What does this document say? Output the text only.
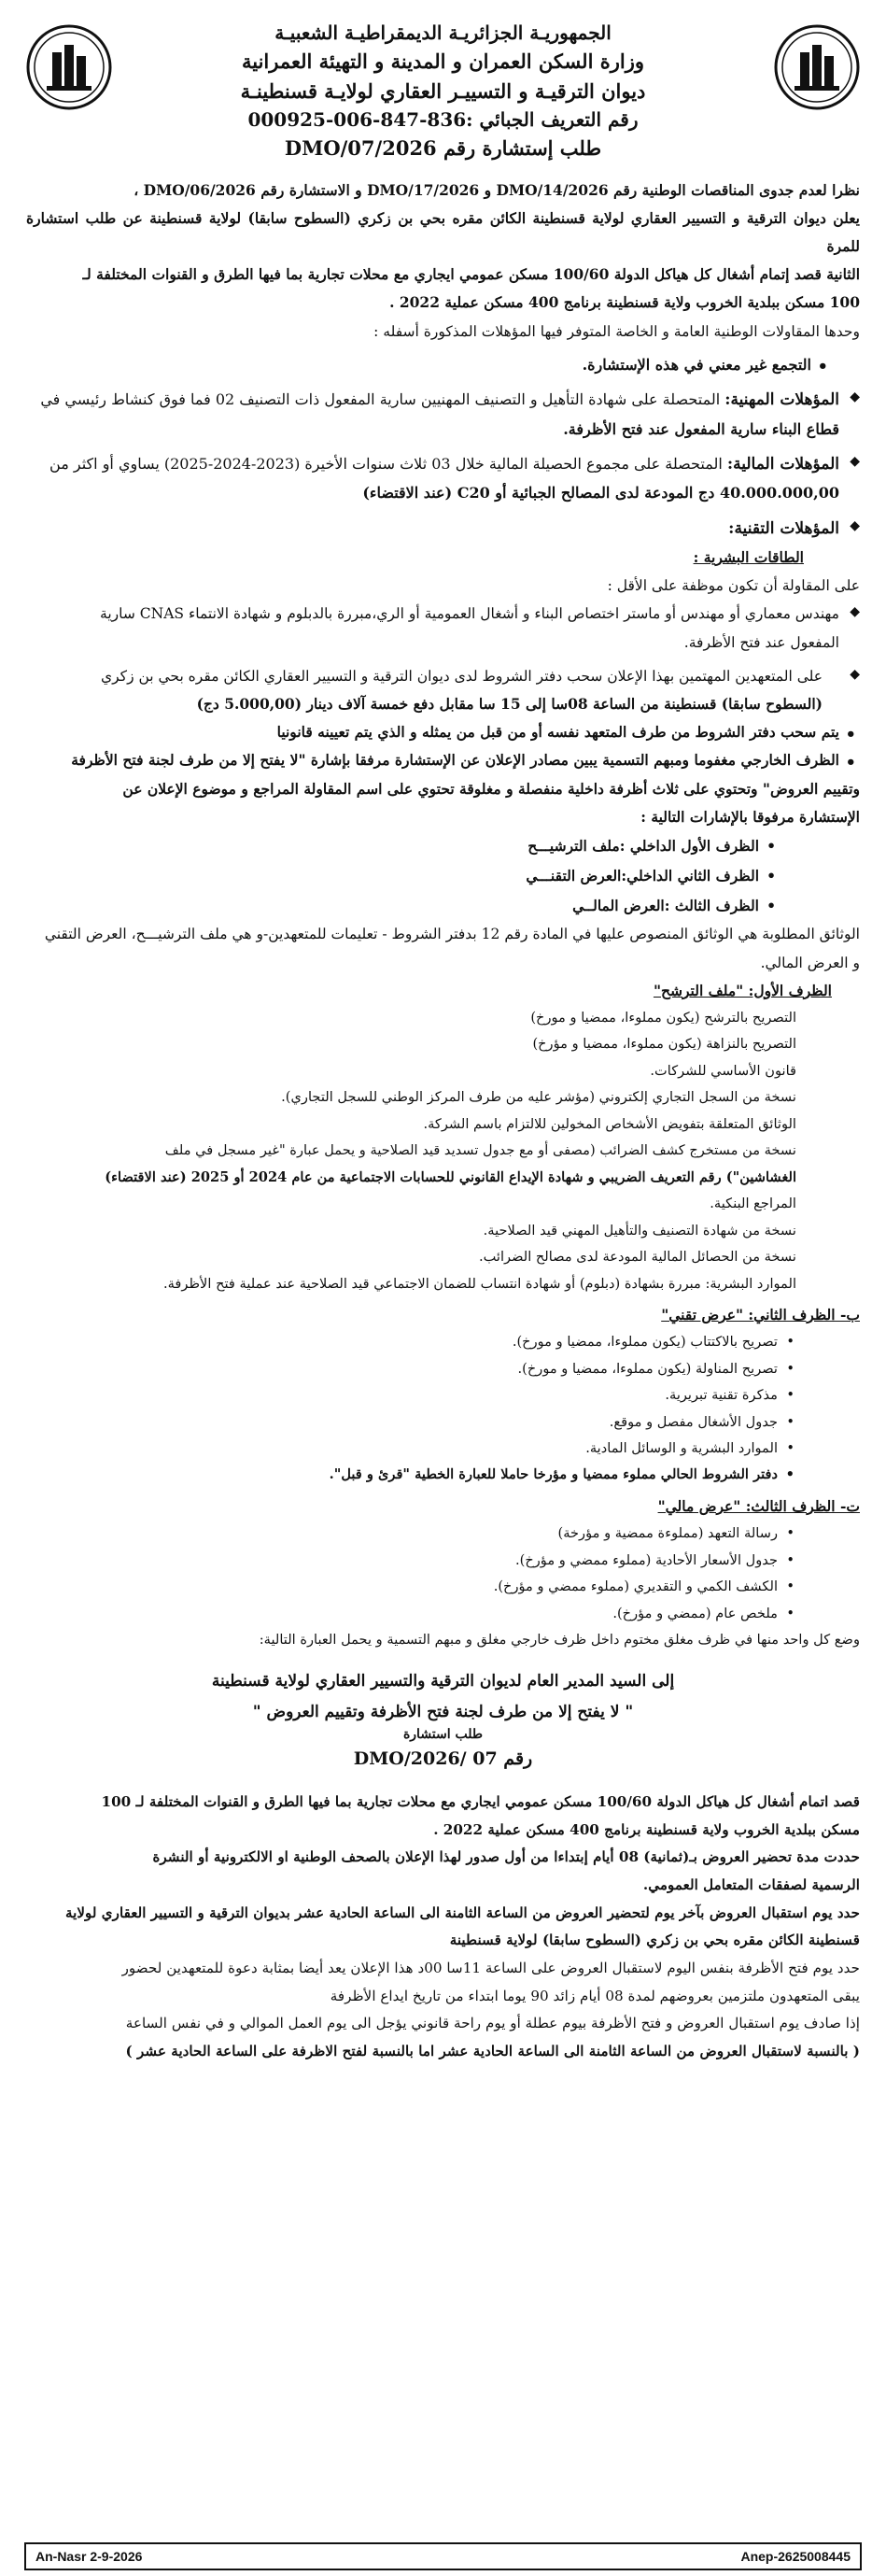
الجمهوريـة الجزائريـة الديمقراطيـة الشعبيـة
وزارة السكن العمران و المدينة و التهيئة العمرانية
ديوان الترقيـة و التسييـر العقاري لولايـة قسنطينـة
رقم التعريف الجبائي :836-847-006-000925
طلب إستشارة رقم 2026/DMO/07

نظرا لعدم جدوى المناقصات الوطنية رقم 2026/DMO/14 و 2026/DMO/17 و الاستشارة رقم 2026/DMO/06 ،

يعلن ديوان الترقية و التسيير العقاري لولاية قسنطينة الكائن مقره بحي بن زكري (السطوح سابقا) لولاية قسنطينة عن طلب استشارة للمرة

الثانية قصد إتمام أشغال كل هياكل الدولة 100/60 مسكن عمومي ايجاري مع محلات تجارية بما فيها الطرق و القنوات المختلفة لـ

100 مسكن ببلدية الخروب ولاية قسنطينة برنامج 400 مسكن عملية 2022 .

وحدها المقاولات الوطنية العامة و الخاصة المتوفر فيها المؤهلات المذكورة أسفله :

• التجمع غير معني في هذه الإستشارة.
◆ المؤهلات المهنية: المتحصلة على شهادة التأهيل و التصنيف المهنيين سارية المفعول ذات التصنيف 02 فما فوق كنشاط رئيسي في

قطاع البناء سارية المفعول عند فتح الأظرفة.

◆ المؤهلات المالية: المتحصلة على مجموع الحصيلة المالية خلال 03 ثلاث سنوات الأخيرة (2023-2024-2025) يساوي أو اكثر من

40.000.000,00 دج المودعة لدى المصالح الجبائية أو C20 (عند الاقتضاء)

◆ المؤهلات التقنية:

الطاقات البشرية :

على المقاولة أن تكون موظفة على الأقل :

◆ مهندس معماري أو مهندس أو ماستر اختصاص البناء و أشغال العمومية أو الري،مبررة بالدبلوم و شهادة الانتماء CNAS سارية

المفعول عند فتح الأظرفة.

◆ على المتعهدين المهتمين بهذا الإعلان سحب دفتر الشروط لدى ديوان الترقية و التسيير العقاري الكائن مقره بحي بن زكري

(السطوح سابقا) قسنطينة من الساعة 08سا إلى 15 سا مقابل دفع خمسة آلاف دينار (5.000,00 دج)

• يتم سحب دفتر الشروط من طرف المتعهد نفسه أو من قبل من يمثله و الذي يتم تعيينه قانونيا

• الظرف الخارجي مغفوما ومبهم التسمية يبين مصادر الإعلان عن الإستشارة مرفقا بإشارة "لا يفتح إلا من طرف لجنة فتح الأظرفة

وتقييم العروض" وتحتوي على ثلاث أظرفة داخلية منفصلة و مغلوقة تحتوي على اسم المقاولة المراجع و موضوع الإعلان عن

الإستشارة مرفوقا بالإشارات التالية :

• الظرف الأول الداخلي :ملف الترشيـــح
• الظرف الثاني الداخلي:العرض التقنـــي
• الظرف الثالث :العرض المالــي

الوثائق المطلوبة هي الوثائق المنصوص عليها في المادة رقم 12 بدفتر الشروط - تعليمات للمتعهدين-و هي ملف الترشيـــح، العرض التقني

و العرض المالي.

الظرف الأول: "ملف الترشح"
التصريح بالترشح (يكون مملوءا، ممضيا و مورخ)
التصريح بالنزاهة (يكون مملوءا، ممضيا و مؤرخ)
قانون الأساسي للشركات.
نسخة من السجل التجاري إلكتروني (مؤشر عليه من طرف المركز الوطني للسجل التجاري).
الوثائق المتعلقة بتفويض الأشخاص المخولين للالتزام باسم الشركة.
نسخة من مستخرج كشف الضرائب (مصفى أو مع جدول تسديد قيد الصلاحية و يحمل عبارة "غير مسجل في ملف
الغشاشين") رقم التعريف الضريبي و شهادة الإيداع القانوني للحسابات الاجتماعية من عام 2024 أو 2025 (عند الاقتضاء)
المراجع البنكية.
نسخة من شهادة التصنيف والتأهيل المهني قيد الصلاحية.
نسخة من الحصائل المالية المودعة لدى مصالح الضرائب.
الموارد البشرية: مبررة بشهادة (دبلوم) أو شهادة انتساب للضمان الاجتماعي قيد الصلاحية عند عملية فتح الأظرفة.
ب- الظرف الثاني: "عرض تقني"
• تصريح بالاكتتاب (يكون مملوءا، ممضيا و مورخ).
• تصريح المناولة (يكون مملوءا، ممضيا و مورخ).
• مذكرة تقنية تبريرية.
• جدول الأشغال مفصل و موقع.
• الموارد البشرية و الوسائل المادية.
• دفتر الشروط الحالي مملوء ممضيا و مؤرخا حاملا للعبارة الخطية "قرئ و قبل".
ت- الظرف الثالث: "عرض مالي"
• رسالة التعهد (مملوءة ممضية و مؤرخة)
• جدول الأسعار الأحادية (مملوء ممضي و مؤرخ).
• الكشف الكمي و التقديري (مملوء ممضي و مؤرخ).
• ملخص عام (ممضي و مؤرخ).
وضع كل واحد منها في ظرف مغلق مختوم داخل ظرف خارجي مغلق و مبهم التسمية و يحمل العبارة التالية:

إلى السيد المدير العام لديوان الترقية والتسيير العقاري لولاية قسنطينة

" لا يفتح إلا من طرف لجنة فتح الأظرفة وتقييم العروض "

طلب استشارة

رقم 07 /2026/DMO

قصد اتمام أشغال كل هياكل الدولة 100/60 مسكن عمومي ايجاري مع محلات تجارية بما فيها الطرق و القنوات المختلفة لـ 100

مسكن ببلدية الخروب ولاية قسنطينة برنامج 400 مسكن عملية 2022 .

حددت مدة تحضير العروض بـ(ثمانية) 08 أيام إبتداءا من أول صدور لهذا الإعلان بالصحف الوطنية او الالكترونية أو النشرة

الرسمية لصفقات المتعامل العمومي.

حدد يوم استقبال العروض بآخر يوم لتحضير العروض من الساعة الثامنة الى الساعة الحادية عشر بديوان الترقية و التسيير العقاري لولاية

قسنطينة الكائن مقره بحي بن زكري (السطوح سابقا) لولاية قسنطينة

حدد يوم فتح الأظرفة بنفس اليوم لاستقبال العروض على الساعة 11سا 00د هذا الإعلان يعد أيضا بمثابة دعوة للمتعهدين لحضور

يبقى المتعهدون ملتزمين بعروضهم لمدة 08 أيام زائد 90 يوما ابتداء من تاريخ ايداع الأظرفة

إذا صادف يوم استقبال العروض و فتح الأظرفة بيوم عطلة أو يوم راحة قانوني يؤجل الى يوم العمل الموالي و في نفس الساعة

( بالنسبة لاستقبال العروض من الساعة الثامنة الى الساعة الحادية عشر اما بالنسبة لفتح الاظرفة على الساعة الحادية عشر )

An-Nasr 2-9-2026	Anep-2625008445
